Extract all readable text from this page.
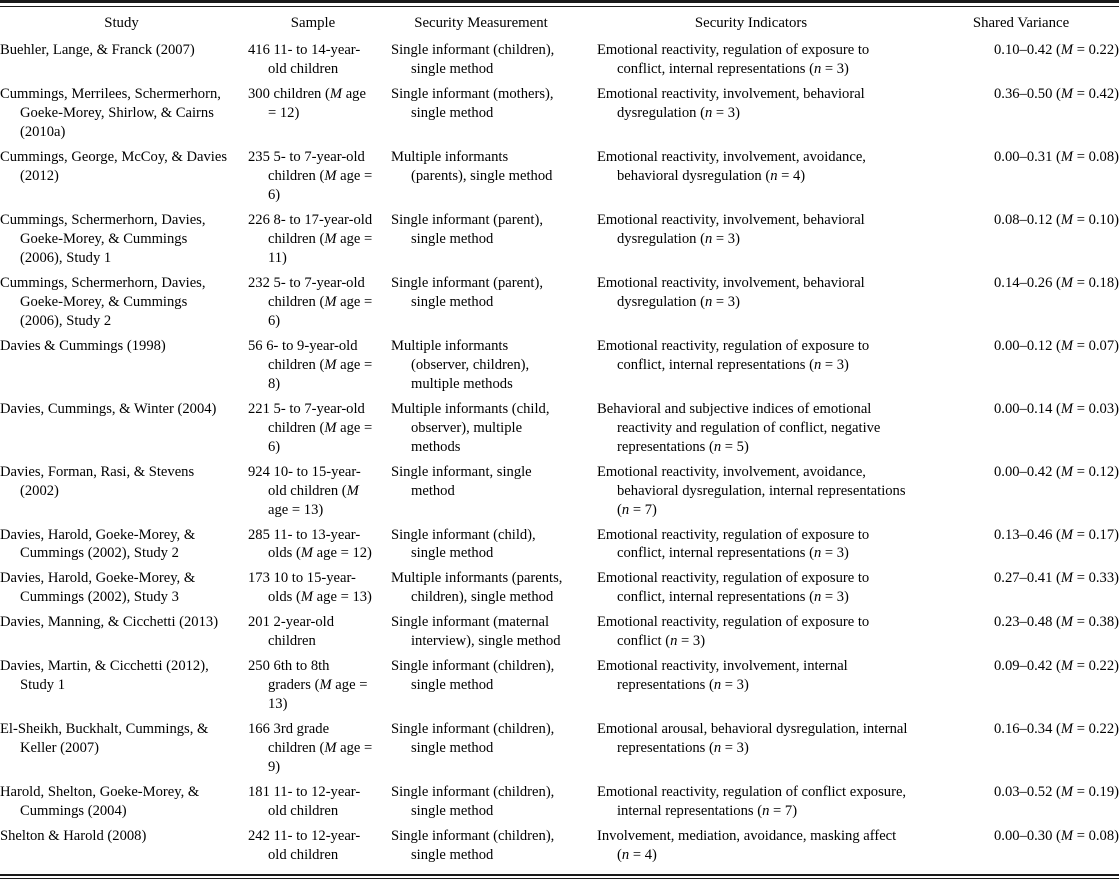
Study	Sample	Security Measurement	Security Indicators	Shared Variance

Buehler, Lange, & Franck (2007)	416 11- to 14-year-old children	Single informant (children), single method	Emotional reactivity, regulation of exposure to conflict, internal representations (n = 3)	0.10–0.42 (M = 0.22)

Cummings, Merrilees, Schermerhorn, Goeke-Morey, Shirlow, & Cairns (2010a)	300 children (M age = 12)	Single informant (mothers), single method	Emotional reactivity, involvement, behavioral dysregulation (n = 3)	0.36–0.50 (M = 0.42)

Cummings, George, McCoy, & Davies (2012)	235 5- to 7-year-old children (M age = 6)	Multiple informants (parents), single method	Emotional reactivity, involvement, avoidance, behavioral dysregulation (n = 4)	0.00–0.31 (M = 0.08)

Cummings, Schermerhorn, Davies, Goeke-Morey, & Cummings (2006), Study 1	226 8- to 17-year-old children (M age = 11)	Single informant (parent), single method	Emotional reactivity, involvement, behavioral dysregulation (n = 3)	0.08–0.12 (M = 0.10)

Cummings, Schermerhorn, Davies, Goeke-Morey, & Cummings (2006), Study 2	232 5- to 7-year-old children (M age = 6)	Single informant (parent), single method	Emotional reactivity, involvement, behavioral dysregulation (n = 3)	0.14–0.26 (M = 0.18)

Davies & Cummings (1998)	56 6- to 9-year-old children (M age = 8)	Multiple informants (observer, children), multiple methods	Emotional reactivity, regulation of exposure to conflict, internal representations (n = 3)	0.00–0.12 (M = 0.07)

Davies, Cummings, & Winter (2004)	221 5- to 7-year-old children (M age = 6)	Multiple informants (child, observer), multiple methods	Behavioral and subjective indices of emotional reactivity and regulation of conflict, negative representations (n = 5)	0.00–0.14 (M = 0.03)

Davies, Forman, Rasi, & Stevens (2002)	924 10- to 15-year-old children (M age = 13)	Single informant, single method	Emotional reactivity, involvement, avoidance, behavioral dysregulation, internal representations (n = 7)	0.00–0.42 (M = 0.12)

Davies, Harold, Goeke-Morey, & Cummings (2002), Study 2	285 11- to 13-year-olds (M age = 12)	Single informant (child), single method	Emotional reactivity, regulation of exposure to conflict, internal representations (n = 3)	0.13–0.46 (M = 0.17)

Davies, Harold, Goeke-Morey, & Cummings (2002), Study 3	173 10 to 15-year-olds (M age = 13)	Multiple informants (parents, children), single method	Emotional reactivity, regulation of exposure to conflict, internal representations (n = 3)	0.27–0.41 (M = 0.33)

Davies, Manning, & Cicchetti (2013)	201 2-year-old children	Single informant (maternal interview), single method	Emotional reactivity, regulation of exposure to conflict (n = 3)	0.23–0.48 (M = 0.38)

Davies, Martin, & Cicchetti (2012), Study 1	250 6th to 8th graders (M age = 13)	Single informant (children), single method	Emotional reactivity, involvement, internal representations (n = 3)	0.09–0.42 (M = 0.22)

El-Sheikh, Buckhalt, Cummings, & Keller (2007)	166 3rd grade children (M age = 9)	Single informant (children), single method	Emotional arousal, behavioral dysregulation, internal representations (n = 3)	0.16–0.34 (M = 0.22)

Harold, Shelton, Goeke-Morey, & Cummings (2004)	181 11- to 12-year-old children	Single informant (children), single method	Emotional reactivity, regulation of conflict exposure, internal representations (n = 7)	0.03–0.52 (M = 0.19)

Shelton & Harold (2008)	242 11- to 12-year-old children	Single informant (children), single method	Involvement, mediation, avoidance, masking affect (n = 4)	0.00–0.30 (M = 0.08)
